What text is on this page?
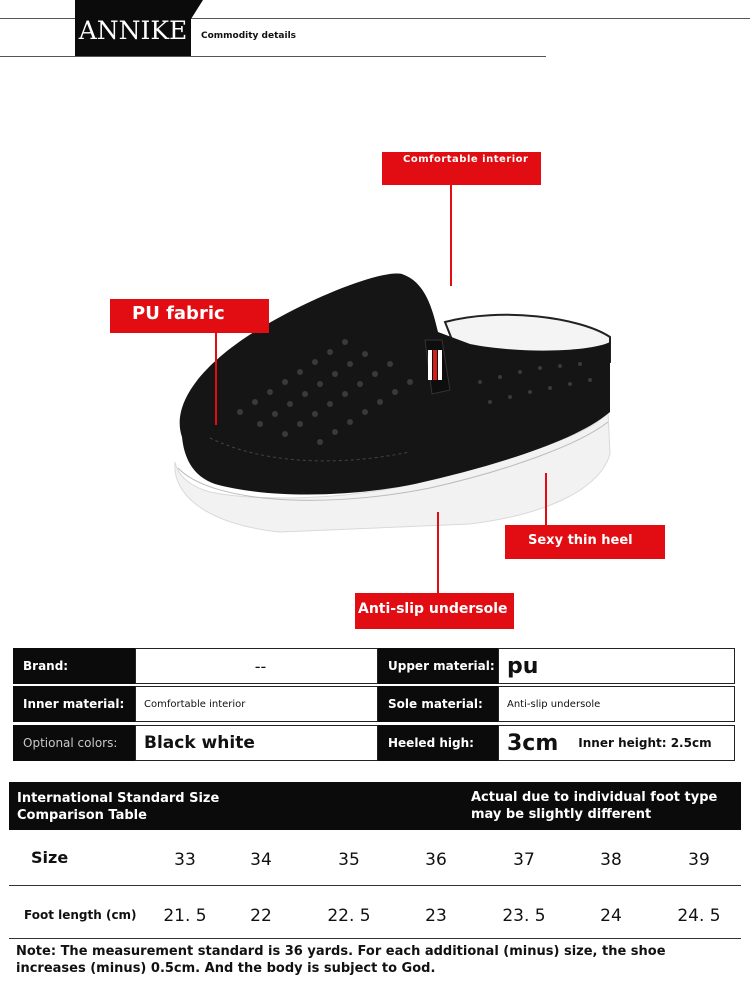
ANNIKE Commodity details
Comfortable interior
PU fabric
Sexy thin heel
Anti-slip undersole
Brand:	--	Upper material: pu
Inner material:	Comfortable interior	Sole material:	Anti-slip undersole
Optional colors:	Black white	Heeled high:	3cm Inner height: 2.5cm
International Standard Size Comparison Table
Actual due to individual foot type may be slightly different
Size	33	34	35	36	37	38	39
Foot length (cm)	21. 5	22	22. 5	23	23. 5	24	24. 5
Note: The measurement standard is 36 yards. For each additional (minus) size, the shoe increases (minus) 0.5cm. And the body is subject to God.
